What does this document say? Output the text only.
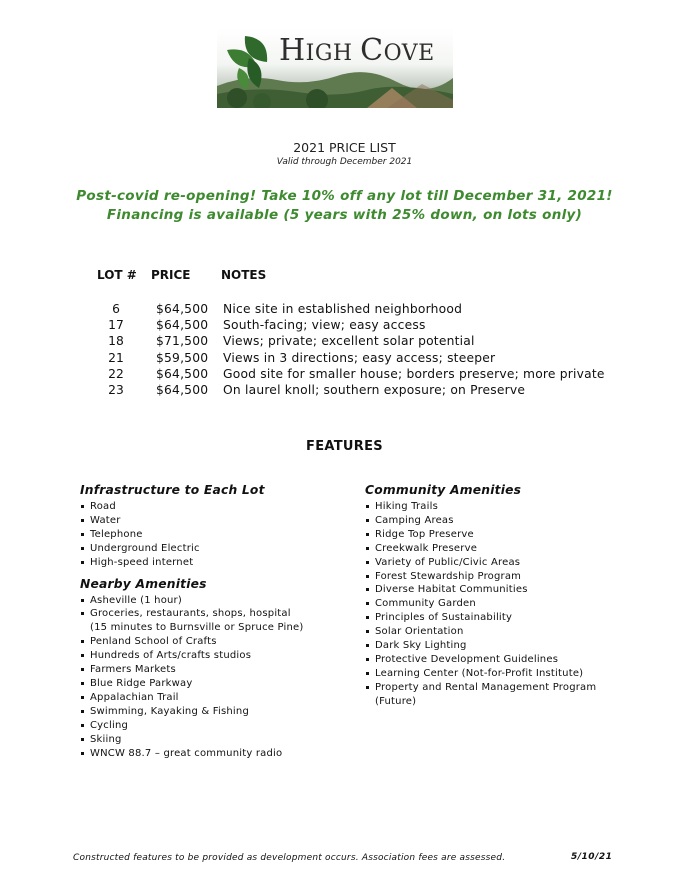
HIGH COVE
2021 PRICE LIST
Valid through December 2021
Post-covid re-opening! Take 10% off any lot till December 31, 2021!
Financing is available (5 years with 25% down, on lots only)
LOT # PRICE	NOTES
6	$64,500 Nice site in established neighborhood
17	$64,500 South-facing; view; easy access
18	$71,500 Views; private; excellent solar potential
21	$59,500 Views in 3 directions; easy access; steeper
22	$64,500 Good site for smaller house; borders preserve; more private
23	$64,500 On laurel knoll; southern exposure; on Preserve
FEATURES
Infrastructure to Each Lot
Road
Water
Telephone
Underground Electric
High-speed internet
Nearby Amenities
Asheville (1 hour)
Groceries, restaurants, shops, hospital
(15 minutes to Burnsville or Spruce Pine)
Penland School of Crafts
Hundreds of Arts/crafts studios
Farmers Markets
Blue Ridge Parkway
Appalachian Trail
Swimming, Kayaking & Fishing
Cycling
Skiing
WNCW 88.7 – great community radio
Community Amenities
Hiking Trails
Camping Areas
Ridge Top Preserve
Creekwalk Preserve
Variety of Public/Civic Areas
Forest Stewardship Program
Diverse Habitat Communities
Community Garden
Principles of Sustainability
Solar Orientation
Dark Sky Lighting
Protective Development Guidelines
Learning Center (Not-for-Profit Institute)
Property and Rental Management Program
(Future)
Constructed features to be provided as development occurs. Association fees are assessed.	5/10/21
